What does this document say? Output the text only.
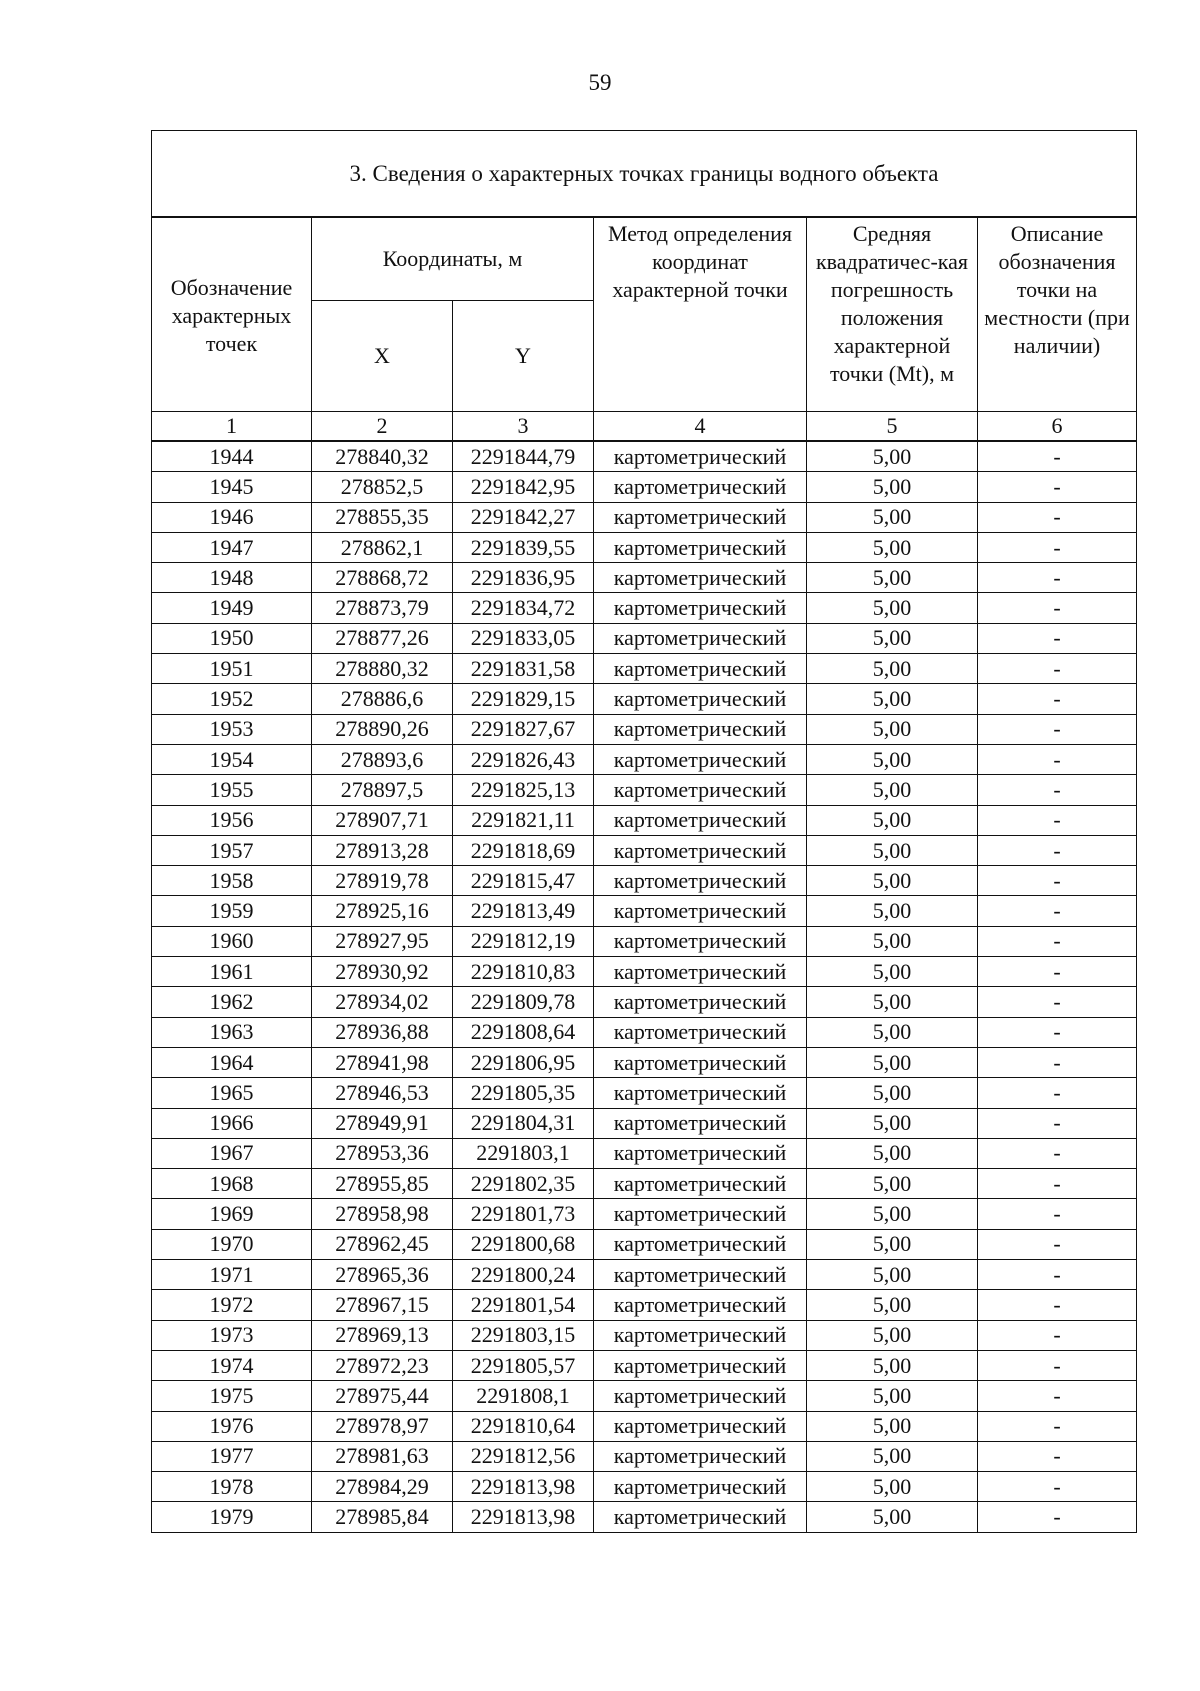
59
3. Сведения о характерных точках границы водного объекта					
Обозначение характерных точек	Координаты, м		Метод определения координат характерной точки	Средняя квадратичес-кая погрешность положения характерной точки (Mt), м	Описание обозначения точки на местности (при наличии)
	X	Y			
1	2	3	4	5	6
1944	278840,32	2291844,79	картометрический	5,00	-
1945	278852,5	2291842,95	картометрический	5,00	-
1946	278855,35	2291842,27	картометрический	5,00	-
1947	278862,1	2291839,55	картометрический	5,00	-
1948	278868,72	2291836,95	картометрический	5,00	-
1949	278873,79	2291834,72	картометрический	5,00	-
1950	278877,26	2291833,05	картометрический	5,00	-
1951	278880,32	2291831,58	картометрический	5,00	-
1952	278886,6	2291829,15	картометрический	5,00	-
1953	278890,26	2291827,67	картометрический	5,00	-
1954	278893,6	2291826,43	картометрический	5,00	-
1955	278897,5	2291825,13	картометрический	5,00	-
1956	278907,71	2291821,11	картометрический	5,00	-
1957	278913,28	2291818,69	картометрический	5,00	-
1958	278919,78	2291815,47	картометрический	5,00	-
1959	278925,16	2291813,49	картометрический	5,00	-
1960	278927,95	2291812,19	картометрический	5,00	-
1961	278930,92	2291810,83	картометрический	5,00	-
1962	278934,02	2291809,78	картометрический	5,00	-
1963	278936,88	2291808,64	картометрический	5,00	-
1964	278941,98	2291806,95	картометрический	5,00	-
1965	278946,53	2291805,35	картометрический	5,00	-
1966	278949,91	2291804,31	картометрический	5,00	-
1967	278953,36	2291803,1	картометрический	5,00	-
1968	278955,85	2291802,35	картометрический	5,00	-
1969	278958,98	2291801,73	картометрический	5,00	-
1970	278962,45	2291800,68	картометрический	5,00	-
1971	278965,36	2291800,24	картометрический	5,00	-
1972	278967,15	2291801,54	картометрический	5,00	-
1973	278969,13	2291803,15	картометрический	5,00	-
1974	278972,23	2291805,57	картометрический	5,00	-
1975	278975,44	2291808,1	картометрический	5,00	-
1976	278978,97	2291810,64	картометрический	5,00	-
1977	278981,63	2291812,56	картометрический	5,00	-
1978	278984,29	2291813,98	картометрический	5,00	-
1979	278985,84	2291813,98	картометрический	5,00	-
